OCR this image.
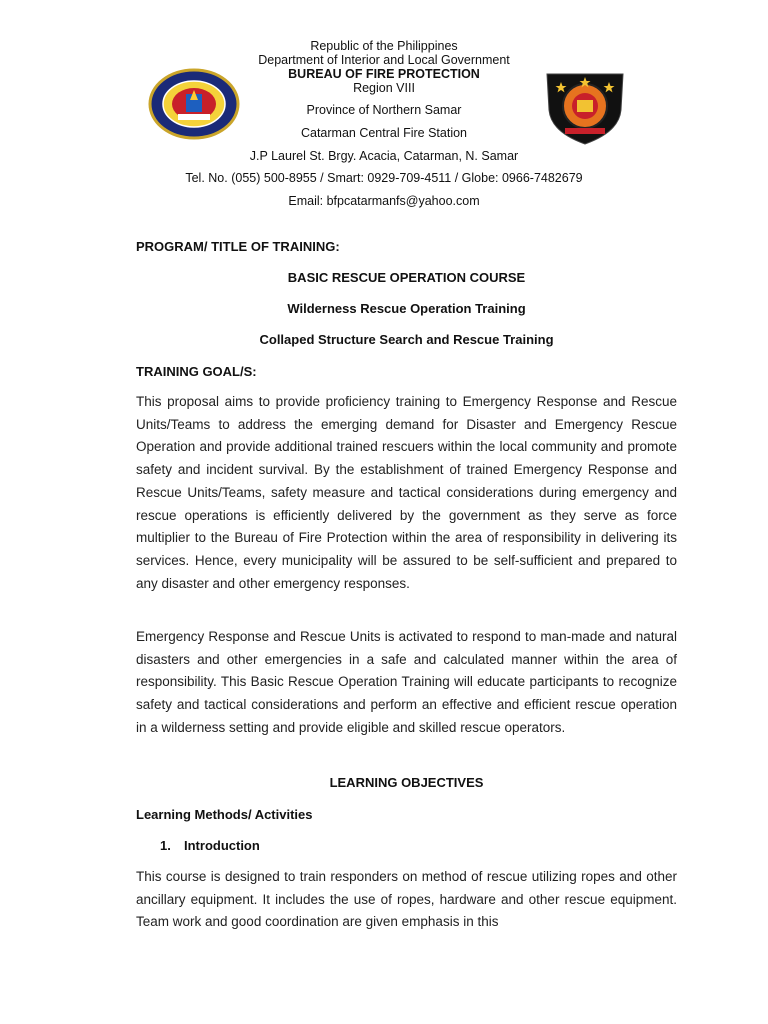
Republic of the Philippines
Department of Interior and Local Government
BUREAU OF FIRE PROTECTION
Region VIII
Province of Northern Samar
Catarman Central Fire Station
J.P Laurel St. Brgy. Acacia, Catarman, N. Samar
Tel. No. (055) 500-8955 / Smart: 0929-709-4511 / Globe: 0966-7482679
Email: bfpcatarmanfs@yahoo.com
PROGRAM/ TITLE OF TRAINING:
BASIC RESCUE OPERATION COURSE
Wilderness Rescue Operation Training
Collaped Structure Search and Rescue Training
TRAINING GOAL/S:
This proposal aims to provide proficiency training to Emergency Response and Rescue Units/Teams to address the emerging demand for Disaster and Emergency Rescue Operation and provide additional trained rescuers within the local community and promote safety and incident survival. By the establishment of trained Emergency Response and Rescue Units/Teams, safety measure and tactical considerations during emergency and rescue operations is efficiently delivered by the government as they serve as force multiplier to the Bureau of Fire Protection within the area of responsibility in delivering its services. Hence, every municipality will be assured to be self-sufficient and prepared to any disaster and other emergency responses.
Emergency Response and Rescue Units is activated to respond to man-made and natural disasters and other emergencies in a safe and calculated manner within the area of responsibility. This Basic Rescue Operation Training will educate participants to recognize safety and tactical considerations and perform an effective and efficient rescue operation in a wilderness setting and provide eligible and skilled rescue operators.
LEARNING OBJECTIVES
Learning Methods/ Activities
1. Introduction
This course is designed to train responders on method of rescue utilizing ropes and other ancillary equipment. It includes the use of ropes, hardware and other rescue equipment. Team work and good coordination are given emphasis in this
